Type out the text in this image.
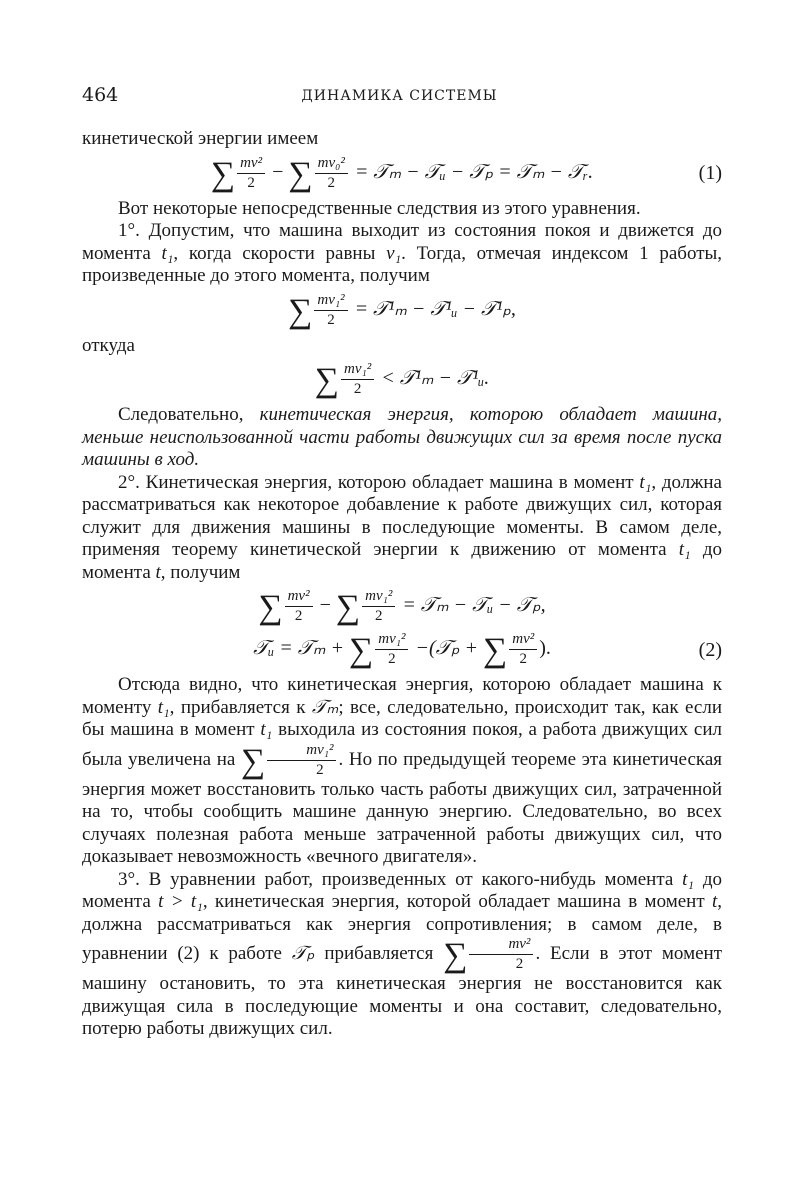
464	ДИНАМИКА СИСТЕМЫ

кинетической энергии имеем

∑ $\frac{\text{mv²}}{2}$ − ∑ $\frac{\text{mv₀²}}{2}$ = 𝒯ₘ − 𝒯ᵤ − 𝒯ₚ = 𝒯ₘ − 𝒯ᵣ.	(1)

Вот некоторые непосредственные следствия из этого уравнения.

1°. Допустим, что машина выходит из состояния покоя и движется до момента t₁, когда скорости равны v₁. Тогда, отмечая индексом 1 работы, произведенные до этого момента, получим

∑ $\frac{\text{mv₁²}}{2}$ = 𝒯¹ₘ − 𝒯¹ᵤ − 𝒯¹ₚ,

откуда

∑ $\frac{\text{mv₁²}}{2}$ < 𝒯¹ₘ − 𝒯¹ᵤ.

Следовательно, кинетическая энергия, которою обладает машина, меньше неиспользованной части работы движущих сил за время после пуска машины в ход.

2°. Кинетическая энергия, которою обладает машина в момент t₁, должна рассматриваться как некоторое добавление к работе движущих сил, которая служит для движения машины в последующие моменты. В самом деле, применяя теорему кинетической энергии к движению от момента t₁ до момента t, получим

∑ $\frac{\text{mv²}}{2}$ − ∑ $\frac{\text{mv₁²}}{2}$ = 𝒯ₘ − 𝒯ᵤ − 𝒯ₚ,
𝒯ᵤ = 𝒯ₘ + ∑ $\frac{\text{mv₁²}}{2}$ −(𝒯ₚ + ∑ $\frac{\text{mv²}}{2}$ ).	(2)

Отсюда видно, что кинетическая энергия, которою обладает машина к моменту t₁, прибавляется к 𝒯ₘ; все, следовательно, происходит так, как если бы машина в момент t₁ выходила из состояния покоя, а работа движущих сил была увеличена на ∑ $\frac{\text{mv₁²}}{2}$ . Но по предыдущей теореме эта кинетическая энергия может восстановить только часть работы движущих сил, затраченной на то, чтобы сообщить машине данную энергию. Следовательно, во всех случаях полезная работа меньше затраченной работы движущих сил, что доказывает невозможность «вечного двигателя».

3°. В уравнении работ, произведенных от какого-нибудь момента t₁ до момента t > t₁, кинетическая энергия, которой обладает машина в момент t, должна рассматриваться как энергия сопротивления; в самом деле, в уравнении (2) к работе 𝒯ₚ прибавляется ∑ $\frac{\text{mv²}}{2}$ . Если в этот момент машину остановить, то эта кинетическая энергия не восстановится как движущая сила в последующие моменты и она составит, следовательно, потерю работы движущих сил.
